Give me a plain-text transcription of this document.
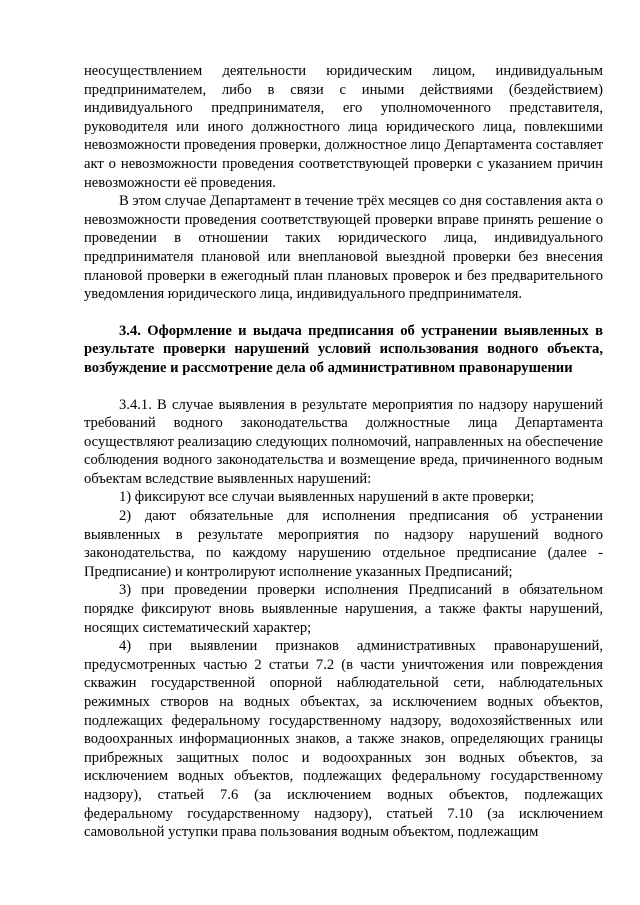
неосуществлением деятельности юридическим лицом, индивидуальным предпринимателем, либо в связи с иными действиями (бездействием) индивидуального предпринимателя, его уполномоченного представителя, руководителя или иного должностного лица юридического лица, повлекшими невозможности проведения проверки, должностное лицо Департамента составляет акт о невозможности проведения соответствующей проверки с указанием причин невозможности её проведения.

В этом случае Департамент в течение трёх месяцев со дня составления акта о невозможности проведения соответствующей проверки вправе принять решение о проведении в отношении таких юридического лица, индивидуального предпринимателя плановой или внеплановой выездной проверки без внесения плановой проверки в ежегодный план плановых проверок и без предварительного уведомления юридического лица, индивидуального предпринимателя.

3.4. Оформление и выдача предписания об устранении выявленных в результате проверки нарушений условий использования водного объекта, возбуждение и рассмотрение дела об административном правонарушении

3.4.1. В случае выявления в результате мероприятия по надзору нарушений требований водного законодательства должностные лица Департамента осуществляют реализацию следующих полномочий, направленных на обеспечение соблюдения водного законодательства и возмещение вреда, причиненного водным объектам вследствие выявленных нарушений:

1) фиксируют все случаи выявленных нарушений в акте проверки;

2) дают обязательные для исполнения предписания об устранении выявленных в результате мероприятия по надзору нарушений водного законодательства, по каждому нарушению отдельное предписание (далее - Предписание) и контролируют исполнение указанных Предписаний;

3) при проведении проверки исполнения Предписаний в обязательном порядке фиксируют вновь выявленные нарушения, а также факты нарушений, носящих систематический характер;

4) при выявлении признаков административных правонарушений, предусмотренных частью 2 статьи 7.2 (в части уничтожения или повреждения скважин государственной опорной наблюдательной сети, наблюдательных режимных створов на водных объектах, за исключением водных объектов, подлежащих федеральному государственному надзору, водохозяйственных или водоохранных информационных знаков, а также знаков, определяющих границы прибрежных защитных полос и водоохранных зон водных объектов, за исключением водных объектов, подлежащих федеральному государственному надзору), статьей 7.6 (за исключением водных объектов, подлежащих федеральному государственному надзору), статьей 7.10 (за исключением самовольной уступки права пользования водным объектом, подлежащим
